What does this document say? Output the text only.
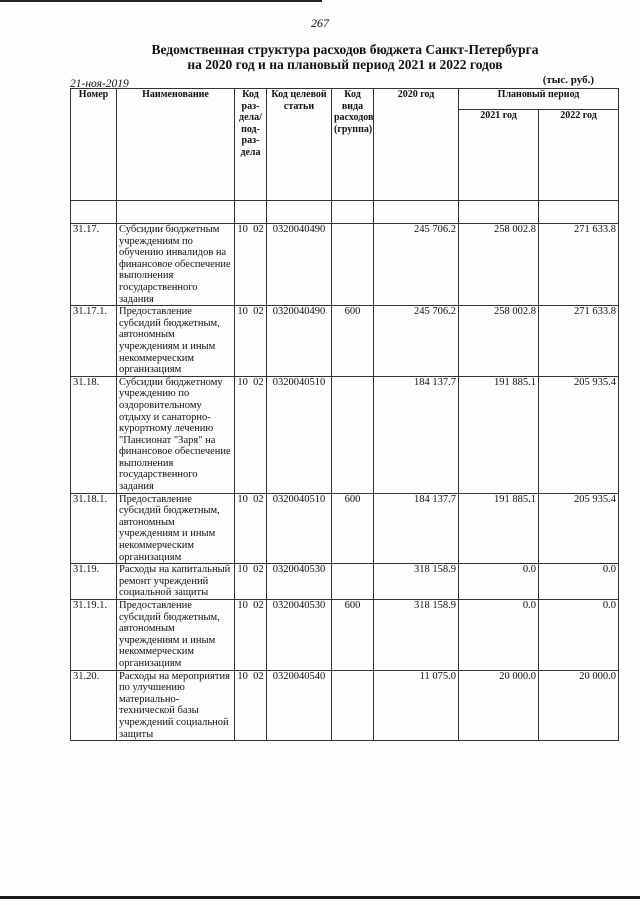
267
Ведомственная структура расходов бюджета Санкт-Петербурга
на 2020 год и на плановый период 2021 и 2022 годов
21-ноя-2019	(тыс. руб.)
Номер	Наименование	Код раз- дела/ под- раз- дела	Код целевой статьи	Код вида расходов (группа)	2020 год	Плановый период	
						2021 год	2022 год

31.17.	Субсидии бюджетным учреждениям по обучению инвалидов на финансовое обеспечение выполнения государственного задания	10  02	0320040490		245 706.2	258 002.8	271 633.8
31.17.1.	Предоставление субсидий бюджетным, автономным учреждениям и иным некоммерческим организациям	10  02	0320040490	600	245 706.2	258 002.8	271 633.8
31.18.	Субсидии бюджетному учреждению по оздоровительному отдыху и санаторно-курортному лечению "Пансионат "Заря" на финансовое обеспечение выполнения государственного задания	10  02	0320040510		184 137.7	191 885.1	205 935.4
31.18.1.	Предоставление субсидий бюджетным, автономным учреждениям и иным некоммерческим организациям	10  02	0320040510	600	184 137.7	191 885.1	205 935.4
31.19.	Расходы на капитальный ремонт учреждений социальной защиты	10  02	0320040530		318 158.9	0.0	0.0
31.19.1.	Предоставление субсидий бюджетным, автономным учреждениям и иным некоммерческим организациям	10  02	0320040530	600	318 158.9	0.0	0.0
31.20.	Расходы на мероприятия по улучшению материально-технической базы учреждений социальной защиты	10  02	0320040540		11 075.0	20 000.0	20 000.0
